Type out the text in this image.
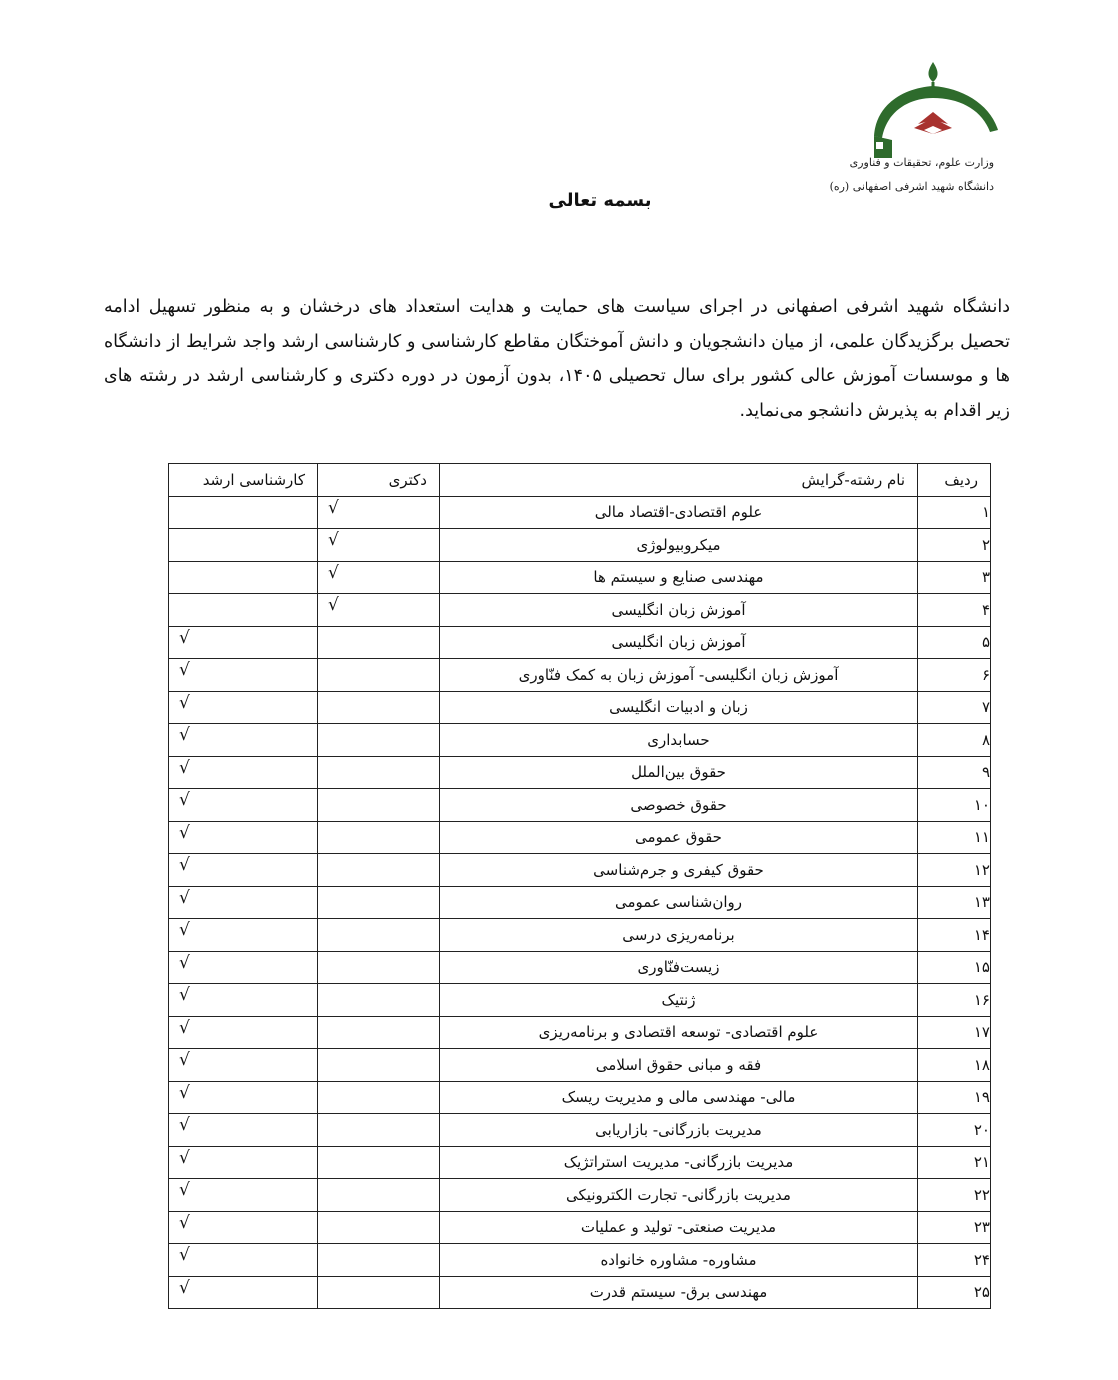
وزارت علوم، تحقیقات و فناوری
دانشگاه شهید اشرفی اصفهانی (ره)
بسمه تعالی
دانشگاه شهید اشرفی اصفهانی در اجرای سیاست های حمایت و هدایت استعداد های درخشان و به منظور تسهیل ادامه تحصیل برگزیدگان علمی، از میان دانشجویان و دانش آموختگان مقاطع کارشناسی و کارشناسی ارشد واجد شرایط از دانشگاه ها و موسسات آموزش عالی کشور برای سال تحصیلی ۱۴۰۵، بدون آزمون در دوره دکتری و کارشناسی ارشد در رشته های زیر اقدام به پذیرش دانشجو می‌نماید.
ردیف	نام رشته-گرایش	دکتری	کارشناسی ارشد
۱	علوم اقتصادی-اقتصاد مالی	√	

۲	میکروبیولوژی	√	

۳	مهندسی صنایع و سیستم ها	√	

۴	آموزش زبان انگلیسی	√	

۵	آموزش زبان انگلیسی		√

۶	آموزش زبان انگلیسی- آموزش زبان به کمک فنّاوری		√

۷	زبان و ادبیات انگلیسی		√

۸	حسابداری		√

۹	حقوق بین‌الملل		√

۱۰	حقوق خصوصی		√

۱۱	حقوق عمومی		√

۱۲	حقوق کیفری و جرم‌شناسی		√

۱۳	روان‌شناسی عمومی		√

۱۴	برنامه‌ریزی درسی		√

۱۵	زیست‌فنّاوری		√

۱۶	ژنتیک		√

۱۷	علوم اقتصادی- توسعه اقتصادی و برنامه‌ریزی		√

۱۸	فقه و مبانی حقوق اسلامی		√

۱۹	مالی- مهندسی مالی و مدیریت ریسک		√

۲۰	مدیریت بازرگانی- بازاریابی		√

۲۱	مدیریت بازرگانی- مدیریت استراتژیک		√

۲۲	مدیریت بازرگانی- تجارت الکترونیکی		√

۲۳	مدیریت صنعتی- تولید و عملیات		√

۲۴	مشاوره- مشاوره خانواده		√

۲۵	مهندسی برق- سیستم قدرت		√
